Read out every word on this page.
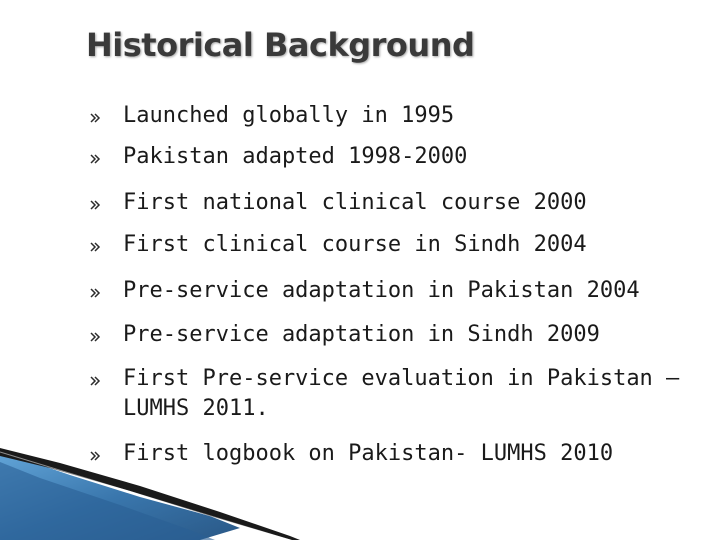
Historical Background
Launched globally in 1995
Pakistan adapted 1998-2000
First national clinical course 2000
First clinical course in Sindh 2004
Pre-service adaptation in Pakistan 2004
Pre-service adaptation in Sindh 2009
First Pre-service evaluation in Pakistan – LUMHS 2011.
First logbook on Pakistan- LUMHS 2010
